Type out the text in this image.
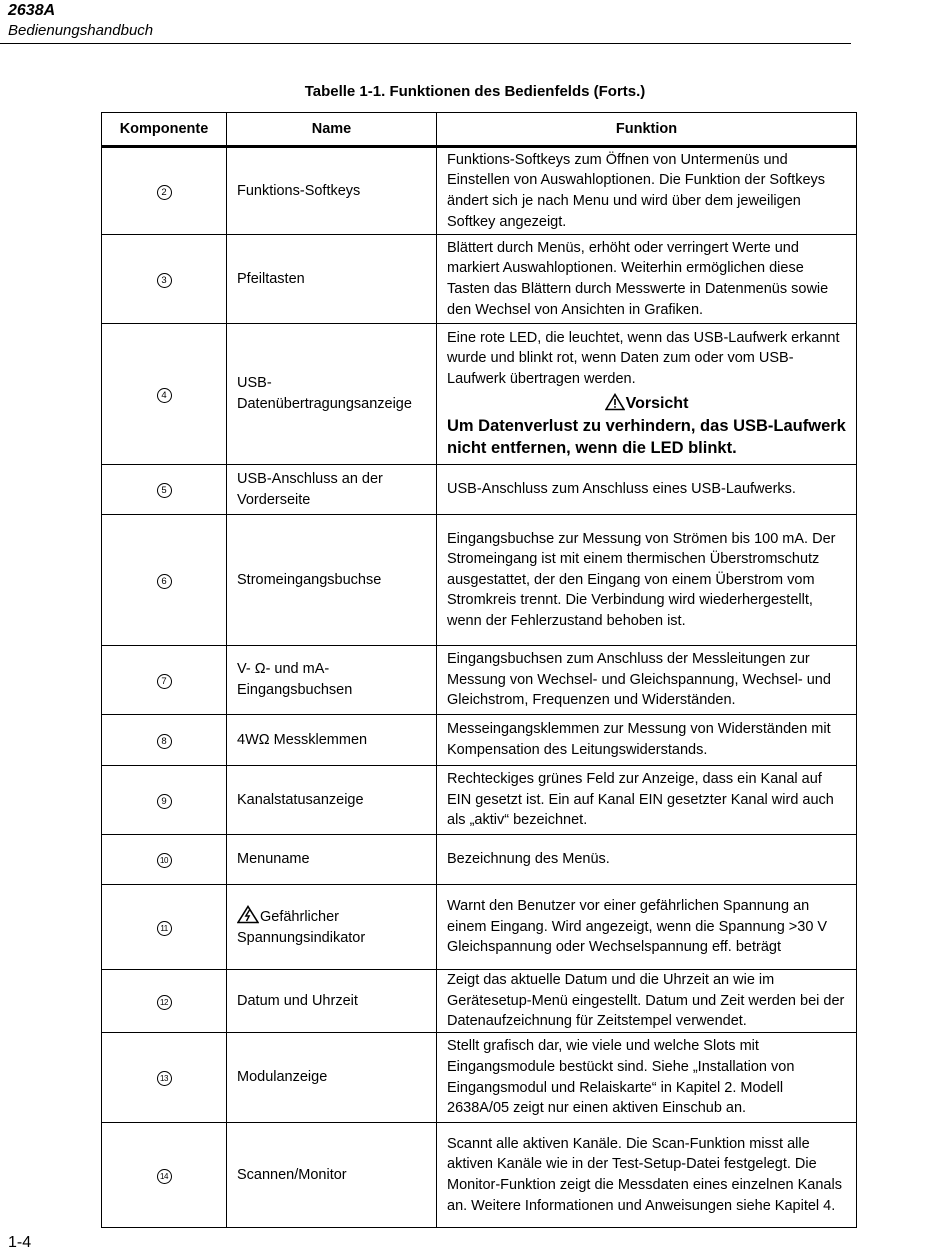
2638A
Bedienungshandbuch
Tabelle 1-1. Funktionen des Bedienfelds (Forts.)
Komponente	Name	Funktion
2	Funktions-Softkeys	Funktions-Softkeys zum Öffnen von Untermenüs und Einstellen von Auswahloptionen. Die Funktion der Softkeys ändert sich je nach Menu und wird über dem jeweiligen Softkey angezeigt.
3	Pfeiltasten	Blättert durch Menüs, erhöht oder verringert Werte und markiert Auswahloptionen. Weiterhin ermöglichen diese Tasten das Blättern durch Messwerte in Datenmenüs sowie den Wechsel von Ansichten in Grafiken.
4	USB-Datenübertragungsanzeige	Eine rote LED, die leuchtet, wenn das USB-Laufwerk erkannt wurde und blinkt rot, wenn Daten zum oder vom USB-Laufwerk übertragen werden.
Vorsicht
Um Datenverlust zu verhindern, das USB-Laufwerk nicht entfernen, wenn die LED blinkt.

5	USB-Anschluss an der Vorderseite	USB-Anschluss zum Anschluss eines USB-Laufwerks.
6	Stromeingangsbuchse	Eingangsbuchse zur Messung von Strömen bis 100 mA. Der Stromeingang ist mit einem thermischen Überstromschutz ausgestattet, der den Eingang von einem Überstrom vom Stromkreis trennt. Die Verbindung wird wiederhergestellt, wenn der Fehlerzustand behoben ist.
7	V- Ω- und mA-Eingangsbuchsen	Eingangsbuchsen zum Anschluss der Messleitungen zur Messung von Wechsel- und Gleichspannung, Wechsel- und Gleichstrom, Frequenzen und Widerständen.
8	4WΩ Messklemmen	Messeingangsklemmen zur Messung von Widerständen mit Kompensation des Leitungswiderstands.
9	Kanalstatusanzeige	Rechteckiges grünes Feld zur Anzeige, dass ein Kanal auf EIN gesetzt ist. Ein auf Kanal EIN gesetzter Kanal wird auch als „aktiv“ bezeichnet.
10	Menuname	Bezeichnung des Menüs.
11	Gefährlicher Spannungsindikator	Warnt den Benutzer vor einer gefährlichen Spannung an einem Eingang. Wird angezeigt, wenn die Spannung >30 V Gleichspannung oder Wechselspannung eff. beträgt
12	Datum und Uhrzeit	Zeigt das aktuelle Datum und die Uhrzeit an wie im Gerätesetup-Menü eingestellt. Datum und Zeit werden bei der Datenaufzeichnung für Zeitstempel verwendet.
13	Modulanzeige	Stellt grafisch dar, wie viele und welche Slots mit Eingangsmodule bestückt sind. Siehe „Installation von Eingangsmodul und Relaiskarte“ in Kapitel 2. Modell 2638A/05 zeigt nur einen aktiven Einschub an.
14	Scannen/Monitor	Scannt alle aktiven Kanäle. Die Scan-Funktion misst alle aktiven Kanäle wie in der Test-Setup-Datei festgelegt. Die Monitor-Funktion zeigt die Messdaten eines einzelnen Kanals an. Weitere Informationen und Anweisungen siehe Kapitel 4.
1-4
